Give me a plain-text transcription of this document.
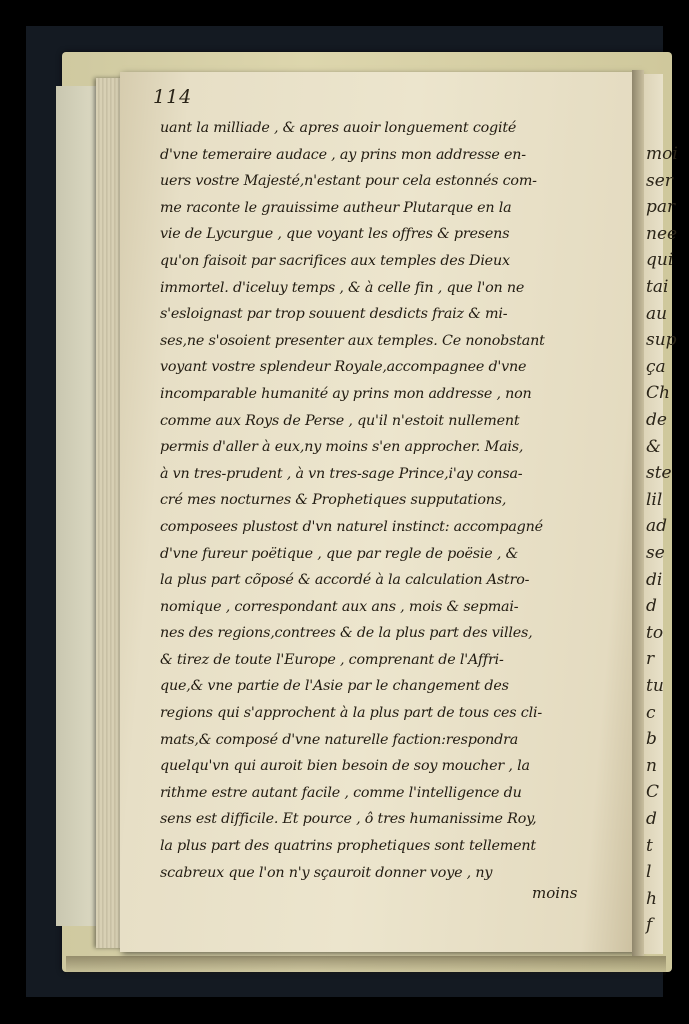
moi
ser
par
nee
qui
tai
au
sup
ça
Ch
de
&
ste
lil
ad
se
di
d
to
r
tu
c
b
n
C
d
t
l
h
f
114
uant la milliade , & apres auoir longuement cogité
d'vne temeraire audace , ay prins mon addresse en-
uers vostre Majesté,n'estant pour cela estonnés com-
me raconte le grauissime autheur Plutarque en la
vie de Lycurgue , que voyant les offres & presens
qu'on faisoit par sacrifices aux temples des Dieux
immortel. d'iceluy temps , & à celle fin , que l'on ne
s'esloignast par trop souuent desdicts fraiz & mi-
ses,ne s'osoient presenter aux temples. Ce nonobstant
voyant vostre splendeur Royale,accompagnee d'vne
incomparable humanité ay prins mon addresse , non
comme aux Roys de Perse , qu'il n'estoit nullement
permis d'aller à eux,ny moins s'en approcher. Mais,
à vn tres-prudent , à vn tres-sage Prince,i'ay consa-
cré mes nocturnes & Prophetiques supputations,
composees plustost d'vn naturel instinct: accompagné
d'vne fureur poëtique , que par regle de poësie , &
la plus part cõposé & accordé à la calculation Astro-
nomique , correspondant aux ans , mois & sepmai-
nes des regions,contrees & de la plus part des villes,
& tirez de toute l'Europe , comprenant de l'Affri-
que,& vne partie de l'Asie par le changement des
regions qui s'approchent à la plus part de tous ces cli-
mats,& composé d'vne naturelle faction:respondra
quelqu'vn qui auroit bien besoin de soy moucher , la
rithme estre autant facile , comme l'intelligence du
sens est difficile. Et pource , ô tres humanissime Roy,
la plus part des quatrins prophetiques sont tellement
scabreux que l'on n'y sçauroit donner voye , ny
moins
